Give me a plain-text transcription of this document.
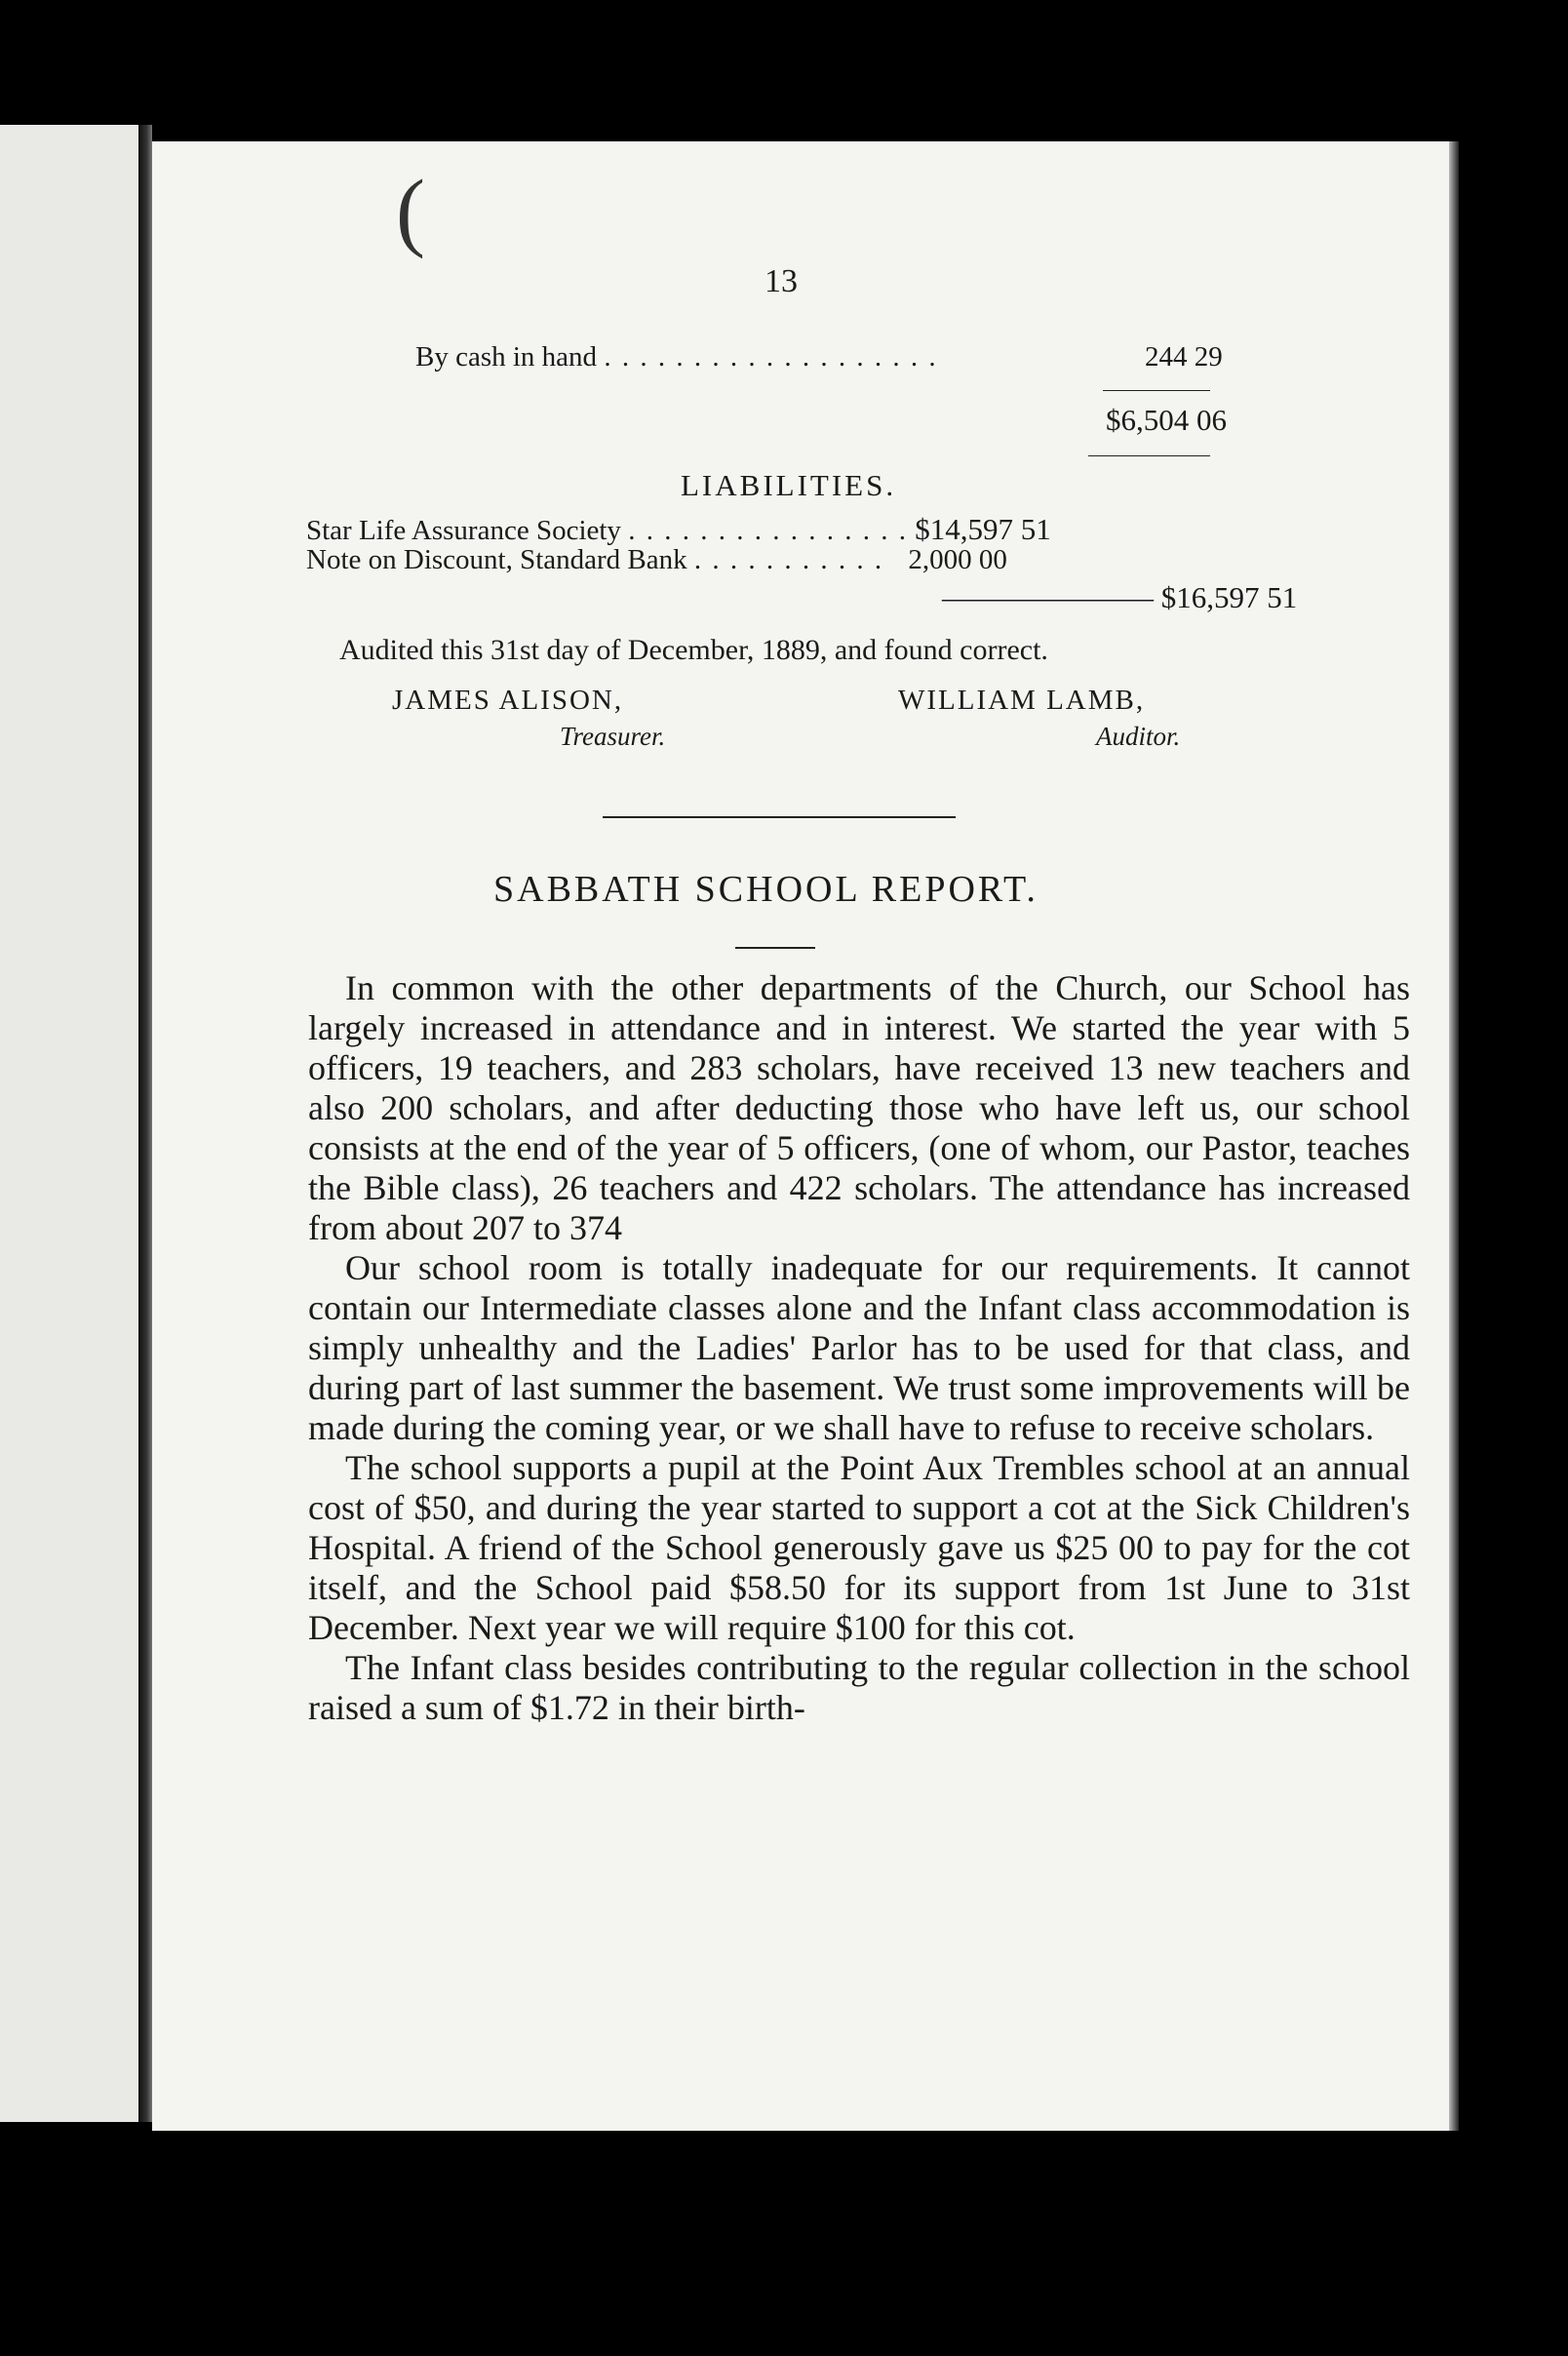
(
13
By cash in hand . . . . . . . . . . . . . . . . . . .	244 29
$6,504 06
LIABILITIES.
Star Life Assurance Society . . . . . . . . . . . . . . . . $14,597 51
Note on Discount, Standard Bank . . . . . . . . . . . 2,000 00
——————— $16,597 51
Audited this 31st day of December, 1889, and found correct.
JAMES ALISON,
Treasurer.
WILLIAM LAMB,
Auditor.
SABBATH SCHOOL REPORT.

In common with the other departments of the Church, our School has largely increased in attendance and in interest. We started the year with 5 officers, 19 teachers, and 283 scholars, have received 13 new teachers and also 200 scholars, and after deducting those who have left us, our school consists at the end of the year of 5 officers, (one of whom, our Pastor, teaches the Bible class), 26 teachers and 422 scholars. The attendance has increased from about 207 to 374

Our school room is totally inadequate for our requirements. It cannot contain our Intermediate classes alone and the Infant class accommodation is simply unhealthy and the Ladies' Parlor has to be used for that class, and during part of last summer the basement. We trust some improvements will be made during the coming year, or we shall have to refuse to receive scholars.

The school supports a pupil at the Point Aux Trembles school at an annual cost of $50, and during the year started to support a cot at the Sick Children's Hospital. A friend of the School generously gave us $25 00 to pay for the cot itself, and the School paid $58.50 for its support from 1st June to 31st December. Next year we will require $100 for this cot.

The Infant class besides contributing to the regular collection in the school raised a sum of $1.72 in their birth-
